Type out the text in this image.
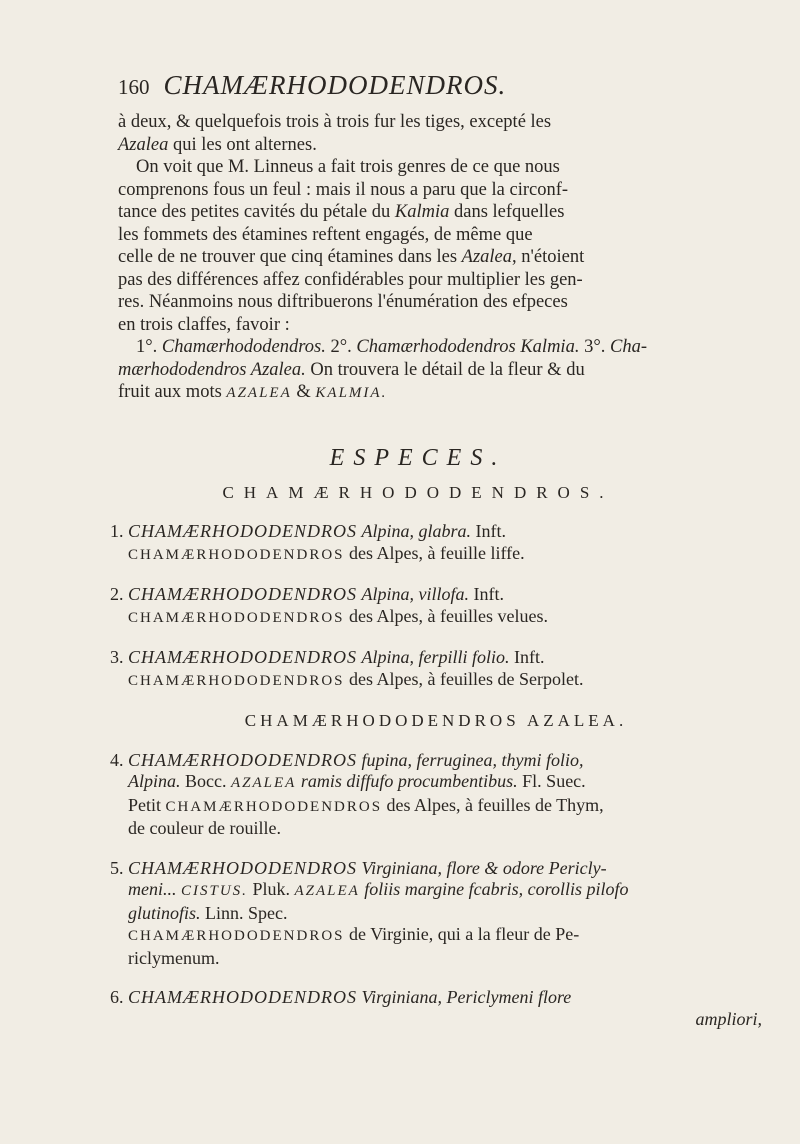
160 CHAMÆRHODODENDROS.
à deux, & quelquefois trois à trois fur les tiges, excepté les
Azalea qui les ont alternes.
On voit que M. Linneus a fait trois genres de ce que nous
comprenons fous un feul : mais il nous a paru que la circonf-
tance des petites cavités du pétale du Kalmia dans lefquelles
les fommets des étamines reftent engagés, de même que
celle de ne trouver que cinq étamines dans les Azalea, n'étoient
pas des différences affez confidérables pour multiplier les gen-
res. Néanmoins nous diftribuerons l'énumération des efpeces
en trois claffes, favoir :
1°. Chamærhododendros. 2°. Chamærhododendros Kalmia. 3°. Cha-
mærhododendros Azalea. On trouvera le détail de la fleur & du
fruit aux mots AZALEA & KALMIA.
ESPECES.
CHAMÆRHODODENDROS.
1. CHAMÆRHODODENDROS Alpina, glabra. Inft.
CHAMÆRHODODENDROS des Alpes, à feuille liffe.
2. CHAMÆRHODODENDROS Alpina, villofa. Inft.
CHAMÆRHODODENDROS des Alpes, à feuilles velues.
3. CHAMÆRHODODENDROS Alpina, ferpilli folio. Inft.
CHAMÆRHODODENDROS des Alpes, à feuilles de Serpolet.
CHAMÆRHODODENDROS AZALEA.
4. CHAMÆRHODODENDROS fupina, ferruginea, thymi folio,
Alpina. Bocc. AZALEA ramis diffufo procumbentibus. Fl. Suec.
Petit CHAMÆRHODODENDROS des Alpes, à feuilles de Thym,
de couleur de rouille.
5. CHAMÆRHODODENDROS Virginiana, flore & odore Pericly-
meni... CISTUS. Pluk. AZALEA foliis margine fcabris, corollis pilofo
glutinofis. Linn. Spec.
CHAMÆRHODODENDROS de Virginie, qui a la fleur de Pe-
riclymenum.
6. CHAMÆRHODODENDROS Virginiana, Periclymeni flore
ampliori,
